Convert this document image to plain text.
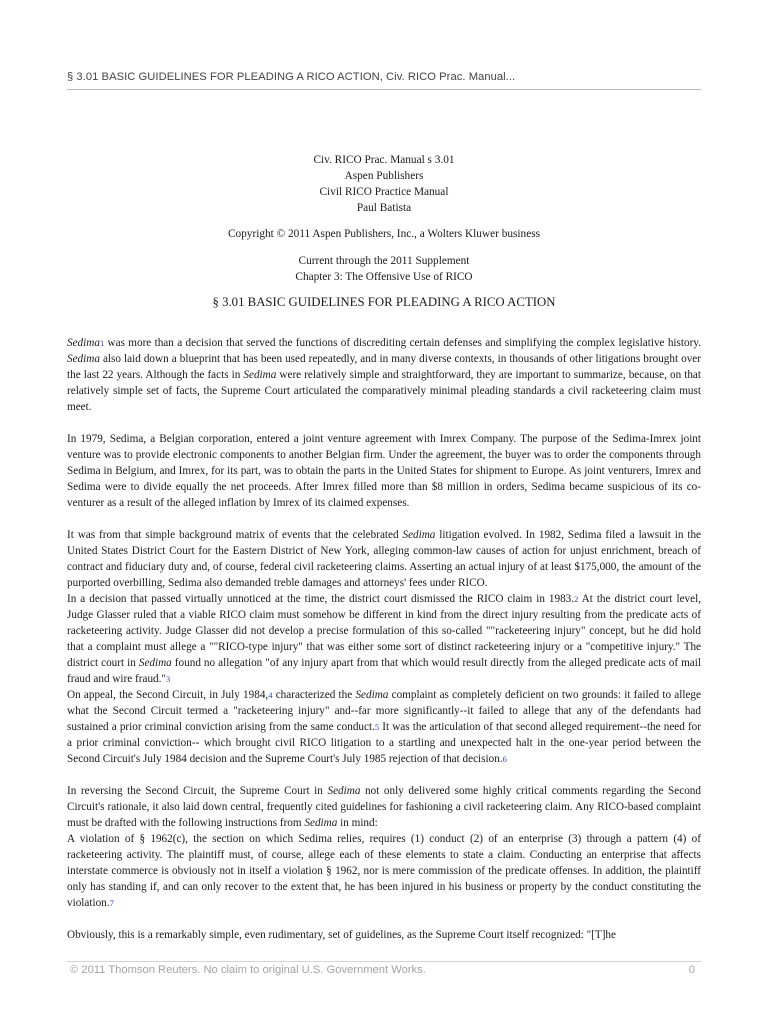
§ 3.01 BASIC GUIDELINES FOR PLEADING A RICO ACTION, Civ. RICO Prac. Manual...
Civ. RICO Prac. Manual s 3.01
Aspen Publishers
Civil RICO Practice Manual
Paul Batista
Copyright © 2011 Aspen Publishers, Inc., a Wolters Kluwer business
Current through the 2011 Supplement
Chapter 3: The Offensive Use of RICO
§ 3.01 BASIC GUIDELINES FOR PLEADING A RICO ACTION

Sedima1 was more than a decision that served the functions of discrediting certain defenses and simplifying the complex legislative history. Sedima also laid down a blueprint that has been used repeatedly, and in many diverse contexts, in thousands of other litigations brought over the last 22 years. Although the facts in Sedima were relatively simple and straightforward, they are important to summarize, because, on that relatively simple set of facts, the Supreme Court articulated the comparatively minimal pleading standards a civil racketeering claim must meet.

In 1979, Sedima, a Belgian corporation, entered a joint venture agreement with Imrex Company. The purpose of the Sedima-Imrex joint venture was to provide electronic components to another Belgian firm. Under the agreement, the buyer was to order the components through Sedima in Belgium, and Imrex, for its part, was to obtain the parts in the United States for shipment to Europe. As joint venturers, Imrex and Sedima were to divide equally the net proceeds. After Imrex filled more than $8 million in orders, Sedima became suspicious of its co-venturer as a result of the alleged inflation by Imrex of its claimed expenses.

It was from that simple background matrix of events that the celebrated Sedima litigation evolved. In 1982, Sedima filed a lawsuit in the United States District Court for the Eastern District of New York, alleging common-law causes of action for unjust enrichment, breach of contract and fiduciary duty and, of course, federal civil racketeering claims. Asserting an actual injury of at least $175,000, the amount of the purported overbilling, Sedima also demanded treble damages and attorneys' fees under RICO.

In a decision that passed virtually unnoticed at the time, the district court dismissed the RICO claim in 1983.2 At the district court level, Judge Glasser ruled that a viable RICO claim must somehow be different in kind from the direct injury resulting from the predicate acts of racketeering activity. Judge Glasser did not develop a precise formulation of this so-called ""racketeering injury" concept, but he did hold that a complaint must allege a ""RICO-type injury" that was either some sort of distinct racketeering injury or a "competitive injury." The district court in Sedima found no allegation "of any injury apart from that which would result directly from the alleged predicate acts of mail fraud and wire fraud."3

On appeal, the Second Circuit, in July 1984,4 characterized the Sedima complaint as completely deficient on two grounds: it failed to allege what the Second Circuit termed a "racketeering injury" and--far more significantly--it failed to allege that any of the defendants had sustained a prior criminal conviction arising from the same conduct.5 It was the articulation of that second alleged requirement--the need for a prior criminal conviction-- which brought civil RICO litigation to a startling and unexpected halt in the one-year period between the Second Circuit's July 1984 decision and the Supreme Court's July 1985 rejection of that decision.6

In reversing the Second Circuit, the Supreme Court in Sedima not only delivered some highly critical comments regarding the Second Circuit's rationale, it also laid down central, frequently cited guidelines for fashioning a civil racketeering claim. Any RICO-based complaint must be drafted with the following instructions from Sedima in mind:

A violation of § 1962(c), the section on which Sedima relies, requires (1) conduct (2) of an enterprise (3) through a pattern (4) of racketeering activity. The plaintiff must, of course, allege each of these elements to state a claim. Conducting an enterprise that affects interstate commerce is obviously not in itself a violation § 1962, nor is mere commission of the predicate offenses. In addition, the plaintiff only has standing if, and can only recover to the extent that, he has been injured in his business or property by the conduct constituting the violation.7

Obviously, this is a remarkably simple, even rudimentary, set of guidelines, as the Supreme Court itself recognized: "[T]he

© 2011 Thomson Reuters. No claim to original U.S. Government Works.	0
